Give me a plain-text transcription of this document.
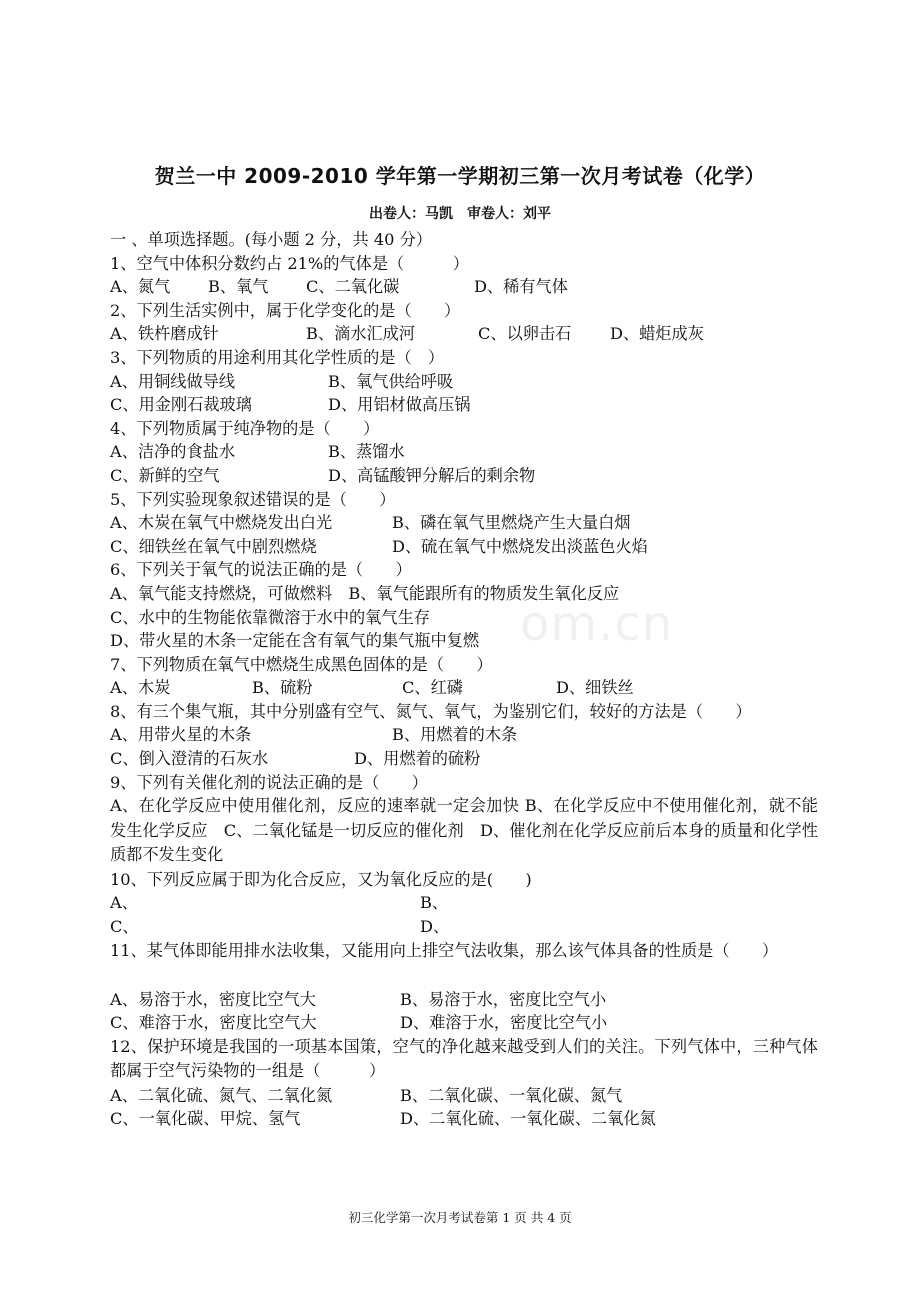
om.cn
贺兰一中 2009-2010 学年第一学期初三第一次月考试卷（化学）
出卷人：马凯　审卷人：刘平
一 、单项选择题。(每小题 2 分，共 40 分）
1、空气中体积分数约占 21%的气体是（　　　）
A、氮气	B、氧气	C、二氧化碳	D、稀有气体
2、下列生活实例中，属于化学变化的是（　　）
A、铁杵磨成针	B、滴水汇成河	C、以卵击石	D、蜡炬成灰
3、下列物质的用途利用其化学性质的是（　）
A、用铜线做导线	B、氧气供给呼吸
C、用金刚石裁玻璃	D、用铝材做高压锅
4、下列物质属于纯净物的是（　　）
A、洁净的食盐水	B、蒸馏水
C、新鲜的空气	D、高锰酸钾分解后的剩余物
5、下列实验现象叙述错误的是（　　）
A、木炭在氧气中燃烧发出白光	B、磷在氧气里燃烧产生大量白烟
C、细铁丝在氧气中剧烈燃烧	D、硫在氧气中燃烧发出淡蓝色火焰
6、下列关于氧气的说法正确的是（　　）
A、氧气能支持燃烧，可做燃料　B、氧气能跟所有的物质发生氧化反应
C、水中的生物能依靠微溶于水中的氧气生存
D、带火星的木条一定能在含有氧气的集气瓶中复燃
7、下列物质在氧气中燃烧生成黑色固体的是（　　）
A、木炭	B、硫粉	C、红磷	D、细铁丝
8、有三个集气瓶，其中分别盛有空气、氮气、氧气，为鉴别它们，较好的方法是（　　）
A、用带火星的木条	B、用燃着的木条
C、倒入澄清的石灰水	D、用燃着的硫粉
9、下列有关催化剂的说法正确的是（　　）
A、在化学反应中使用催化剂，反应的速率就一定会加快 B、在化学反应中不使用催化剂，就不能发生化学反应　C、二氧化锰是一切反应的催化剂　D、催化剂在化学反应前后本身的质量和化学性质都不发生变化
10、下列反应属于即为化合反应，又为氧化反应的是(　　)
A、	B、
C、	D、
11、某气体即能用排水法收集，又能用向上排空气法收集，那么该气体具备的性质是（　　）
A、易溶于水，密度比空气大	B、易溶于水，密度比空气小
C、难溶于水，密度比空气大	D、难溶于水，密度比空气小
12、保护环境是我国的一项基本国策，空气的净化越来越受到人们的关注。下列气体中，三种气体都属于空气污染物的一组是（　　　）
A、二氧化硫、氮气、二氧化氮	B、二氧化碳、一氧化碳、氮气
C、一氧化碳、甲烷、氢气	D、二氧化硫、一氧化碳、二氧化氮
初三化学第一次月考试卷第 1 页 共 4 页
